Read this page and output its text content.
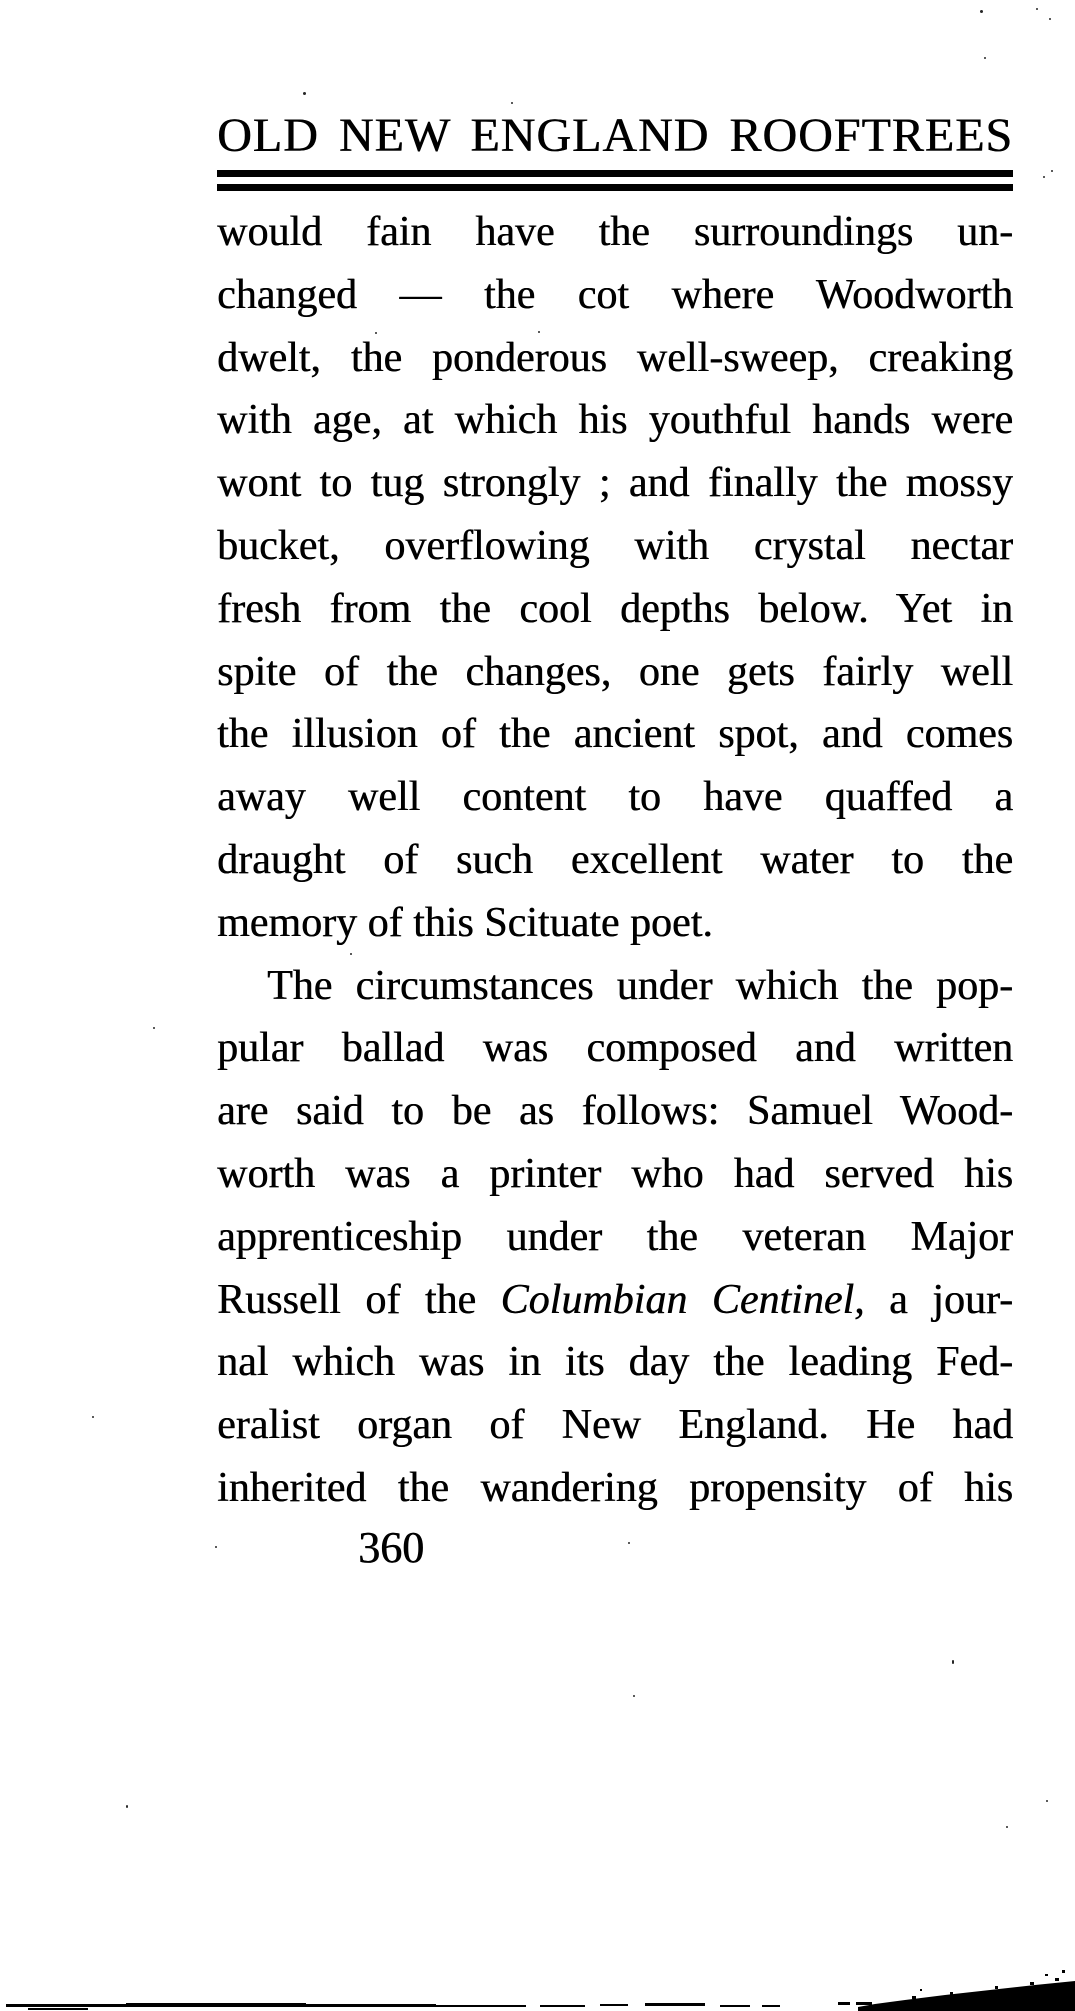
OLD NEW ENGLAND ROOFTREES
would fain have the surroundings un-
changed — the cot where Woodworth
dwelt, the ponderous well-sweep, creaking
with age, at which his youthful hands were
wont to tug strongly ; and finally the mossy
bucket, overflowing with crystal nectar
fresh from the cool depths below. Yet in
spite of the changes, one gets fairly well
the illusion of the ancient spot, and comes
away well content to have quaffed a
draught of such excellent water to the
memory of this Scituate poet.
The circumstances under which the pop-
pular ballad was composed and written
are said to be as follows: Samuel Wood-
worth was a printer who had served his
apprenticeship under the veteran Major
Russell of the Columbian Centinel, a jour-
nal which was in its day the leading Fed-
eralist organ of New England. He had
inherited the wandering propensity of his
360
